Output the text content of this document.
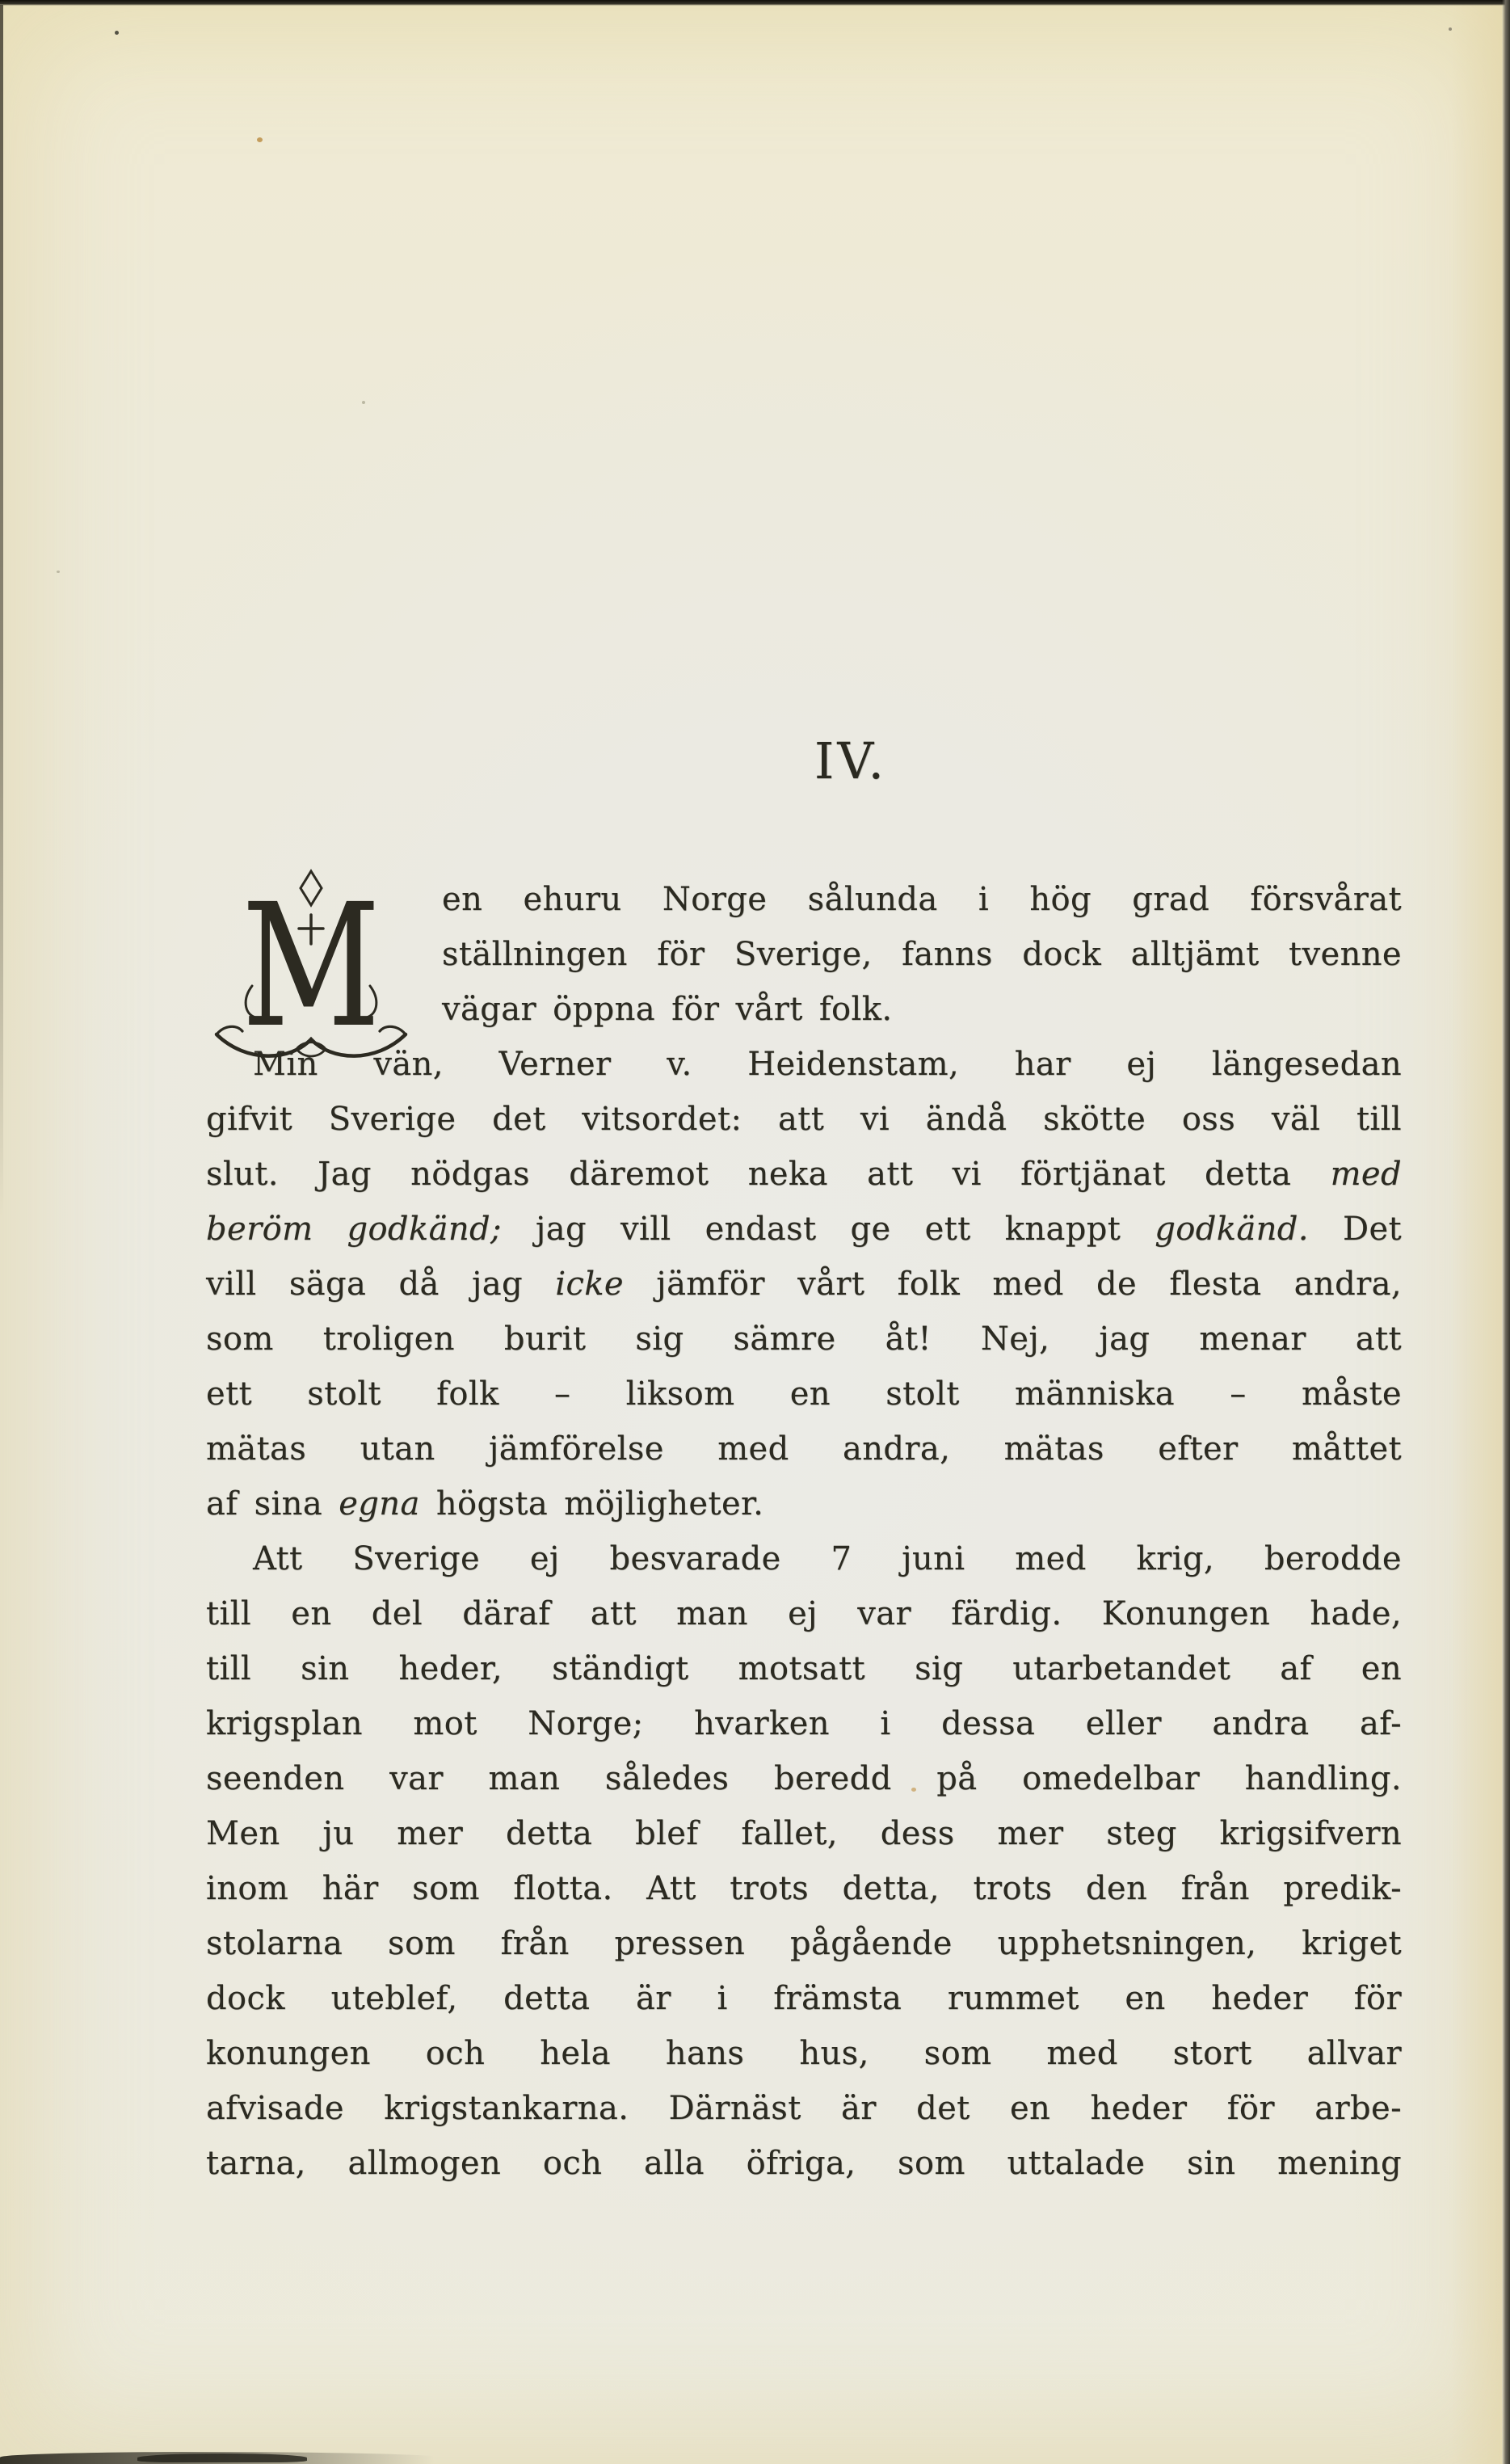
IV.
M	en ehuru Norge sålunda i hög grad försvårat
ställningen för Sverige, fanns dock alltjämt tvenne
vägar öppna för vårt folk.
Min vän, Verner v. Heidenstam, har ej längesedan
gifvit Sverige det vitsordet: att vi ändå skötte oss väl till
slut. Jag nödgas däremot neka att vi förtjänat detta med
beröm godkänd; jag vill endast ge ett knappt godkänd. Det
vill säga då jag icke jämför vårt folk med de flesta andra,
som troligen burit sig sämre åt! Nej, jag menar att
ett stolt folk – liksom en stolt människa – måste
mätas utan jämförelse med andra, mätas efter måttet
af sina egna högsta möjligheter.
Att Sverige ej besvarade 7 juni med krig, berodde
till en del däraf att man ej var färdig. Konungen hade,
till sin heder, ständigt motsatt sig utarbetandet af en
krigsplan mot Norge; hvarken i dessa eller andra af-
seenden var man således beredd på omedelbar handling.
Men ju mer detta blef fallet, dess mer steg krigsifvern
inom här som flotta. Att trots detta, trots den från predik-
stolarna som från pressen pågående upphetsningen, kriget
dock uteblef, detta är i främsta rummet en heder för
konungen och hela hans hus, som med stort allvar
afvisade krigstankarna. Därnäst är det en heder för arbe-
tarna, allmogen och alla öfriga, som uttalade sin mening
